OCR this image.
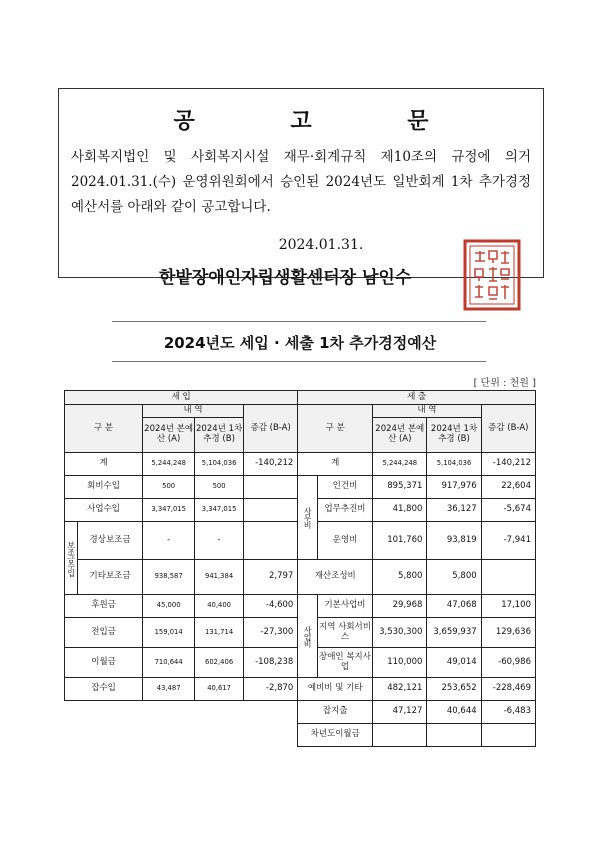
공 고 문
사회복지법인 및 사회복지시설 재무·회계규칙 제10조의 규정에 의거 2024.01.31.(수) 운영위원회에서 승인된 2024년도 일반회계 1차 추가경정 예산서를 아래와 같이 공고합니다.
2024.01.31.
한밭장애인자립생활센터장 남인수
2024년도 세입 · 세출 1차 추가경정예산
[ 단위 : 천원 ]
세 입					세 출				
구 분		내 역		증감 (B-A)	구 분		내 역		증감 (B-A)
		2024년 본예산 (A)	2024년 1차 추경 (B)				2024년 본예산 (A)	2024년 1차 추경 (B)	
계		5,244,248	5,104,036	-140,212	계		5,244,248	5,104,036	-140,212
회비수입		500	500		사무비	인건비	895,371	917,976	22,604
사업수입		3,347,015	3,347,015			업무추진비	41,800	36,127	-5,674
보조금수입	경상보조금	-	-			운영비	101,760	93,819	-7,941
	기타보조금	938,587	941,384	2,797	재산조성비		5,800	5,800	
후원금		45,000	40,400	-4,600	사업비	기본사업비	29,968	47,068	17,100
전입금		159,014	131,714	-27,300		지역 사회서비스	3,530,300	3,659,937	129,636
이월금		710,644	602,406	-108,238		장애인 복지사업	110,000	49,014	-60,986
잡수입		43,487	40,617	-2,870	예비비 및 기타		482,121	253,652	-228,469
					잡지출		47,127	40,644	-6,483
					차년도이월금				
